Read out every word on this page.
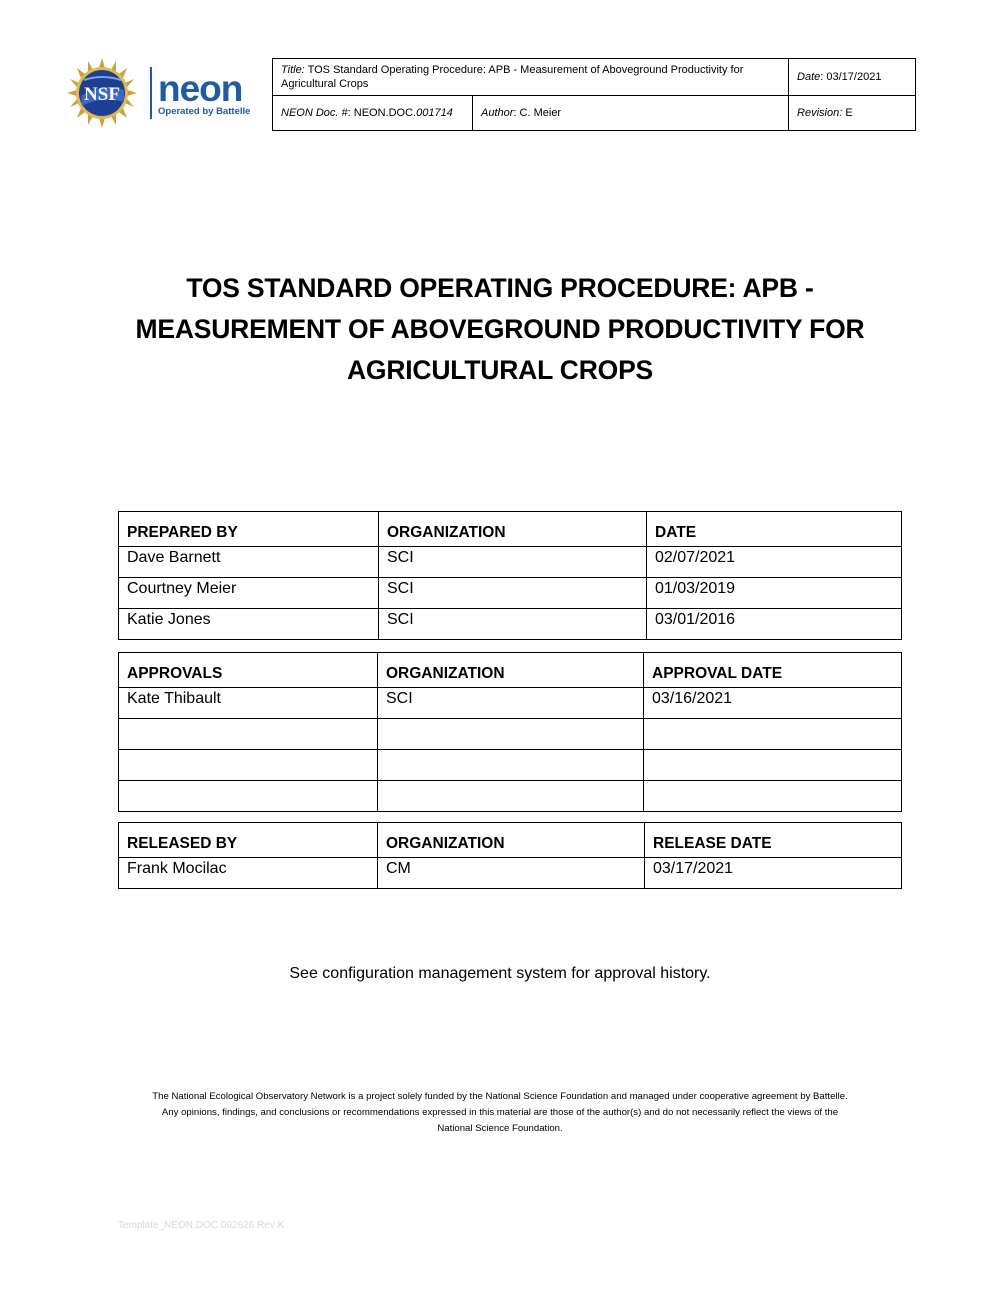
NSF neon
Operated by Battelle
Title: TOS Standard Operating Procedure: APB - Measurement of Aboveground Productivity for Agricultural Crops		Date: 03/17/2021
NEON Doc. #: NEON.DOC.001714	Author: C. Meier	Revision: E
TOS STANDARD OPERATING PROCEDURE: APB -
MEASUREMENT OF ABOVEGROUND PRODUCTIVITY FOR
AGRICULTURAL CROPS
PREPARED BY	ORGANIZATION	DATE
Dave Barnett	SCI	02/07/2021
Courtney Meier	SCI	01/03/2019
Katie Jones	SCI	03/01/2016
APPROVALS	ORGANIZATION	APPROVAL DATE
Kate Thibault	SCI	03/16/2021

RELEASED BY	ORGANIZATION	RELEASE DATE
Frank Mocilac	CM	03/17/2021
See configuration management system for approval history.
The National Ecological Observatory Network is a project solely funded by the National Science Foundation and managed under cooperative agreement by Battelle.
Any opinions, findings, and conclusions or recommendations expressed in this material are those of the author(s) and do not necessarily reflect the views of the
National Science Foundation.
Template_NEON.DOC.002626 Rev K
